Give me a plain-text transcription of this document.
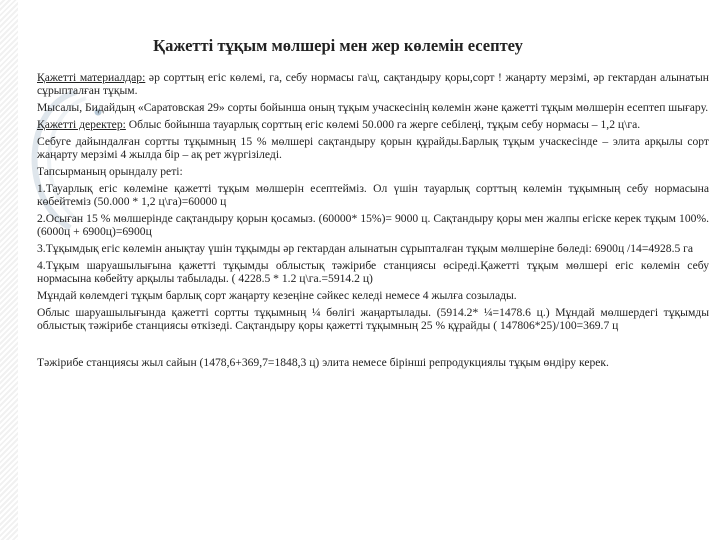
Қажетті тұқым мөлшері мен жер көлемін есептеу

Қажетті материалдар: әр сорттың егіс көлемі, га, себу нормасы га\ц, сақтандыру қоры,сорт ! жаңарту мерзімі, әр гектардан алынатын сұрыпталған тұқым.

Мысалы, Бидайдың «Саратовская 29» сорты бойынша оның тұқым учаскесінің көлемін және қажетті тұқым мөлшерін есептеп шығару.

Қажетті деректер: Облыс бойынша тауарлық сорттың егіс көлемі 50.000 га жерге себілеңі, тұқым себу нормасы – 1,2 ц\га.

Себуге дайындалған сортты тұқымның 15 % мөлшері сақтандыру қорын құрайды.Барлық тұқым учаскесінде – элита арқылы сорт жаңарту мерзімі 4 жылда бір – ақ рет жүргізіледі.

Тапсырманың орындалу реті:

1.Тауарлық егіс көлеміне қажетті тұқым мөлшерін есептейміз. Ол үшін тауарлық сорттың көлемін тұқымның себу нормасына көбейтеміз (50.000 * 1,2 ц\га)=60000 ц

2.Осыған 15 % мөлшерінде сақтандыру қорын қосамыз. (60000* 15%)= 9000 ц. Сақтандыру қоры мен жалпы егіске керек тұқым 100%. (6000ц + 6900ц)=6900ц

3.Тұқымдық егіс көлемін анықтау үшін тұқымды әр гектардан алынатын сұрыпталған тұқым мөлшеріне бөледі: 6900ц /14=4928.5 га

4.Тұқым шаруашылығына қажетті тұқымды облыстық тәжірибе станциясы өсіреді.Қажетті тұқым мөлшері егіс көлемін себу нормасына көбейту арқылы табылады. ( 4228.5 * 1.2 ц\га.=5914.2 ц)

Мұндай көлемдегі тұқым барлық сорт жаңарту кезеңіне сәйкес келеді немесе 4 жылға созылады.

Облыс шаруашылығында қажетті сортты тұқымның ¼ бөлігі жаңартылады. (5914.2* ¼=1478.6 ц.) Мұндай мөлшердегі тұқымды облыстық тәжірибе станциясы өткізеді. Сақтандыру қоры қажетті тұқымның 25 % құрайды ( 147806*25)/100=369.7 ц

Тәжірибе станциясы жыл сайын (1478,6+369,7=1848,3 ц) элита немесе бірінші репродукциялы тұқым өндіру керек.
